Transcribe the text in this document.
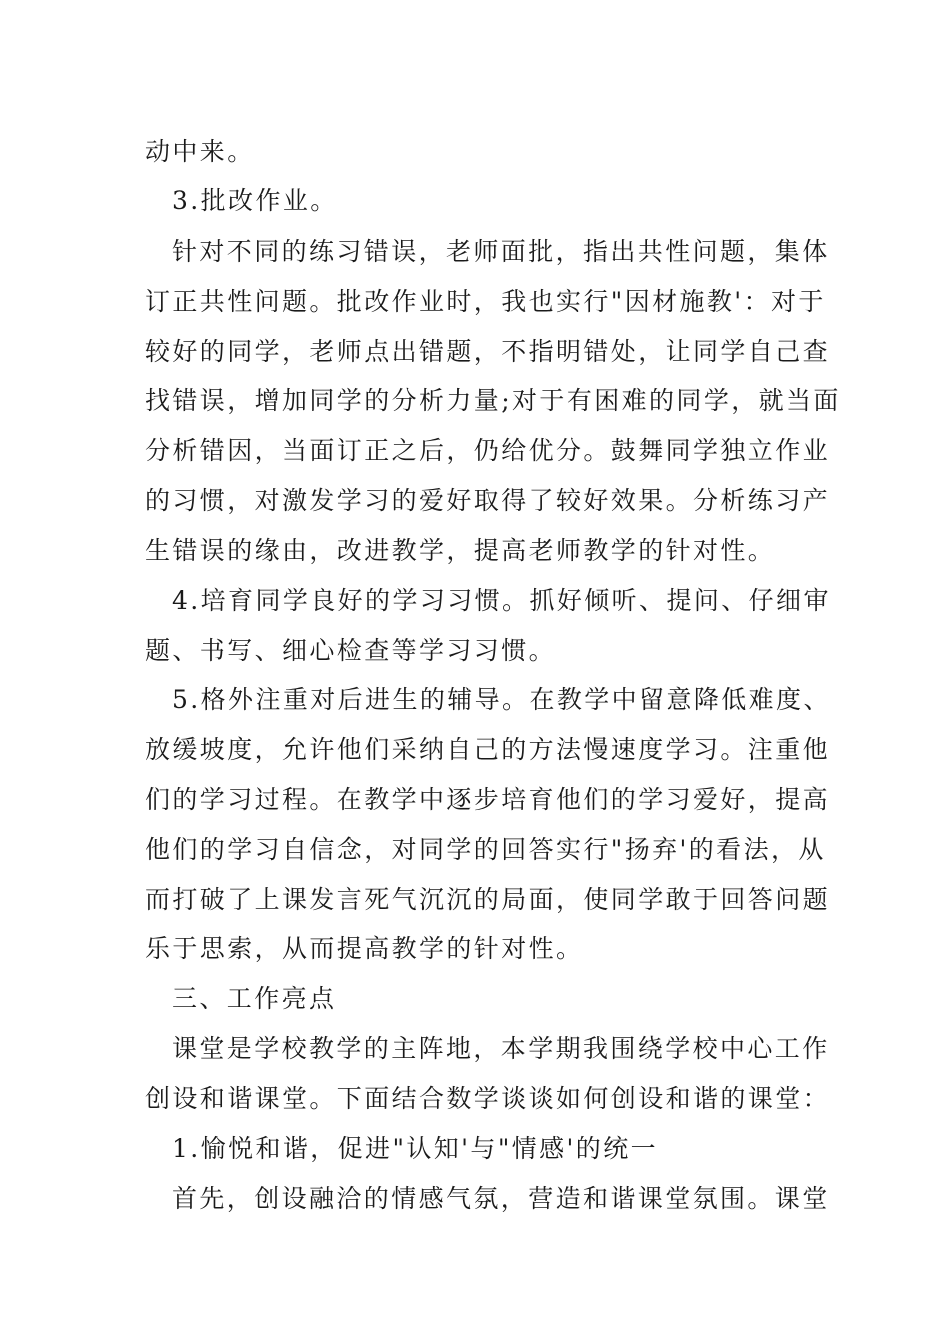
动中来。
3.批改作业。
针对不同的练习错误，老师面批，指出共性问题，集体
订正共性问题。批改作业时，我也实行"因材施教'：对于
较好的同学，老师点出错题，不指明错处，让同学自己查
找错误，增加同学的分析力量;对于有困难的同学，就当面
分析错因，当面订正之后，仍给优分。鼓舞同学独立作业
的习惯，对激发学习的爱好取得了较好效果。分析练习产
生错误的缘由，改进教学，提高老师教学的针对性。
4.培育同学良好的学习习惯。抓好倾听、提问、仔细审
题、书写、细心检查等学习习惯。
5.格外注重对后进生的辅导。在教学中留意降低难度、
放缓坡度，允许他们采纳自己的方法慢速度学习。注重他
们的学习过程。在教学中逐步培育他们的学习爱好，提高
他们的学习自信念，对同学的回答实行"扬弃'的看法，从
而打破了上课发言死气沉沉的局面，使同学敢于回答问题
乐于思索，从而提高教学的针对性。
三、工作亮点
课堂是学校教学的主阵地，本学期我围绕学校中心工作
创设和谐课堂。下面结合数学谈谈如何创设和谐的课堂：
1.愉悦和谐，促进"认知'与"情感'的统一
首先，创设融洽的情感气氛，营造和谐课堂氛围。课堂
